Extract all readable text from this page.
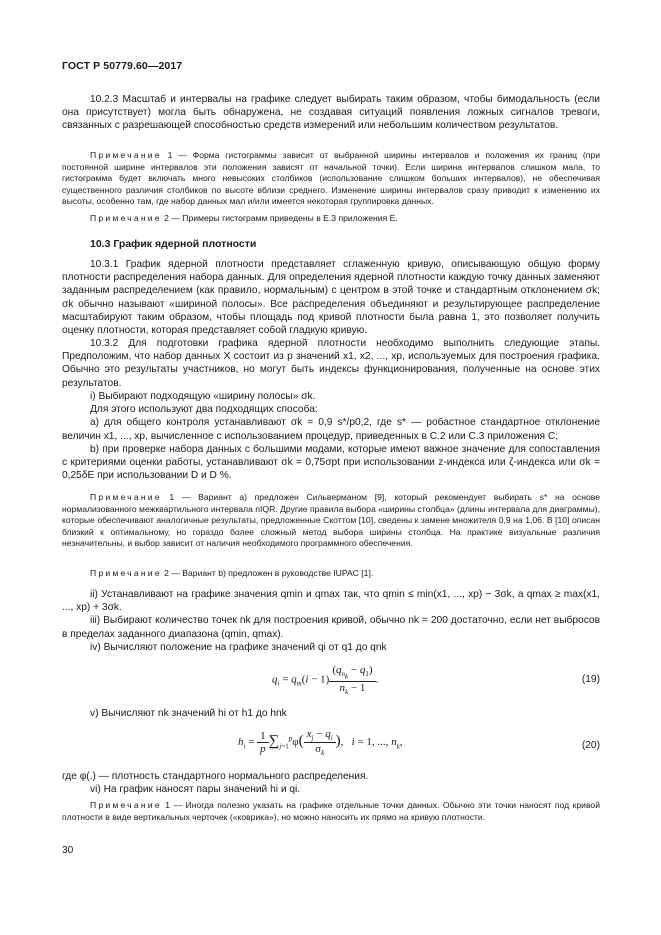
ГОСТ Р 50779.60—2017

10.2.3 Масштаб и интервалы на графике следует выбирать таким образом, чтобы бимодальность (если она присутствует) могла быть обнаружена, не создавая ситуаций появления ложных сигналов тревоги, связанных с разрешающей способностью средств измерений или небольшим количеством результатов.

Примечание 1 — Форма гистограммы зависит от выбранной ширины интервалов и положения их границ (при постоянной ширине интервалов эти положения зависят от начальной точки). Если ширина интервалов слишком мала, то гистограмма будет включать много невысоких столбиков (использование слишком больших интервалов), не обеспечивая существенного различия столбиков по высоте вблизи среднего. Изменение ширины интервалов сразу приводит к изменению их высоты, особенно там, где набор данных мал и/или имеется некоторая группировка данных.

Примечание 2 — Примеры гистограмм приведены в Е.3 приложения Е.

10.3 График ядерной плотности

10.3.1 График ядерной плотности представляет сглаженную кривую, описывающую общую форму плотности распределения набора данных. Для определения ядерной плотности каждую точку данных заменяют заданным распределением (как правило, нормальным) с центром в этой точке и стандартным отклонением σk; σk обычно называют «шириной полосы». Все распределения объединяют и результирующее распределение масштабируют таким образом, чтобы площадь под кривой плотности была равна 1, это позволяет получить оценку плотности, которая представляет собой гладкую кривую.

10.3.2 Для подготовки графика ядерной плотности необходимо выполнить следующие этапы. Предположим, что набор данных X состоит из p значений x1, x2, ..., xp, используемых для построения графика. Обычно это результаты участников, но могут быть индексы функционирования, полученные на основе этих результатов.

i) Выбирают подходящую «ширину полосы» σk.

Для этого используют два подходящих способа:

а) для общего контроля устанавливают σk = 0,9 s*/p0,2, где s* — робастное стандартное отклонение величин x1, ..., xp, вычисленное с использованием процедур, приведенных в С.2 или С.3 приложения С;

b) при проверке набора данных с большими модами, которые имеют важное значение для сопоставления с критериями оценки работы, устанавливают σk = 0,75σpt при использовании z-индекса или ζ-индекса или σk = 0,25δE при использовании D и D %.

Примечание 1 — Вариант а) предложен Сильверманом [9], который рекомендует выбирать s* на основе нормализованного межквартильного интервала nIQR. Другие правила выбора «ширины столбца» (длины интервала для диаграммы), которые обеспечивают аналогичные результаты, предложенные Скоттом [10], сведены к замене множителя 0,9 на 1,06. В [10] описан близкий к оптимальному, но гораздо более сложный метод выбора ширины столбца. На практике визуальные различия незначительны, и выбор зависит от наличия необходимого программного обеспечения.

Примечание 2 — Вариант b) предложен в руководстве IUPAC [1].

ii) Устанавливают на графике значения qmin и qmax так, что qmin ≤ min(x1, ..., xp) − 3σk, а qmax ≥ max(x1, ..., xp) + 3σk.

iii) Выбирают количество точек nk для построения кривой, обычно nk = 200 достаточно, если нет выбросов в пределах заданного диапазона (qmin, qmax).

iv) Вычисляют положение на графике значений qi от q1 до qnk

$q_i = q_m(i - 1) \frac{(q_{n_k} - q_1)}{n_k - 1}$ .	(19)

v) Вычисляют nk значений hi от h1 до hnk

$h_i = \frac{1}{p} \sum_{j=1}^p\varphi( \frac{x_j - q_i}{\sigma_k}$ ),   i = 1, ..., $n_k$,	(20)

где φ(.) — плотность стандартного нормального распределения.

vi) На график наносят пары значений hi и qi.

Примечание 1 — Иногда полезно указать на графике отдельные точки данных. Обычно эти точки наносят под кривой плотности в виде вертикальных черточек («коврика»), но можно наносить их прямо на кривую плотности.

30
